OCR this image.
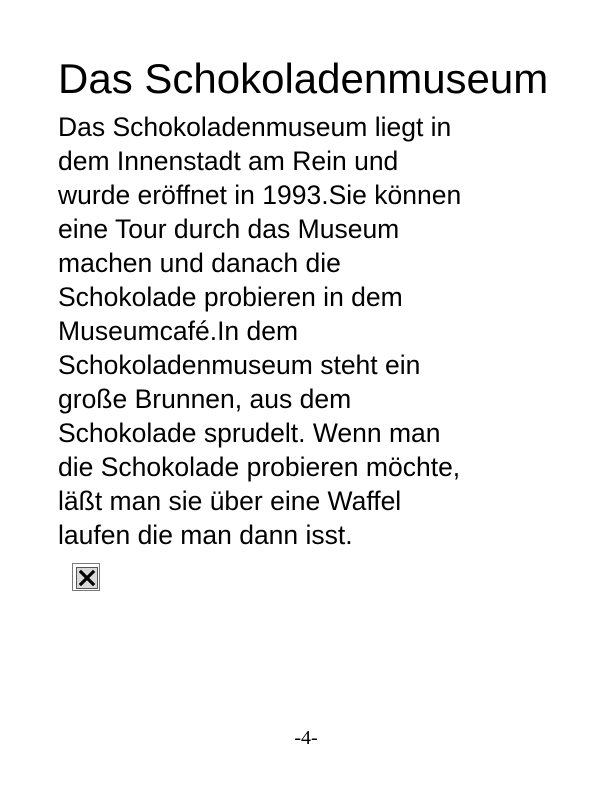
Das Schokoladenmuseum
Das Schokoladenmuseum liegt in
dem Innenstadt am Rein und
wurde eröffnet in 1993.Sie können
eine Tour durch das Museum
machen und danach die
Schokolade probieren in dem
Museumcafé.In dem
Schokoladenmuseum steht ein
große Brunnen, aus dem
Schokolade sprudelt. Wenn man
die Schokolade probieren möchte,
läßt man sie über eine Waffel
laufen die man dann isst.
-4-
